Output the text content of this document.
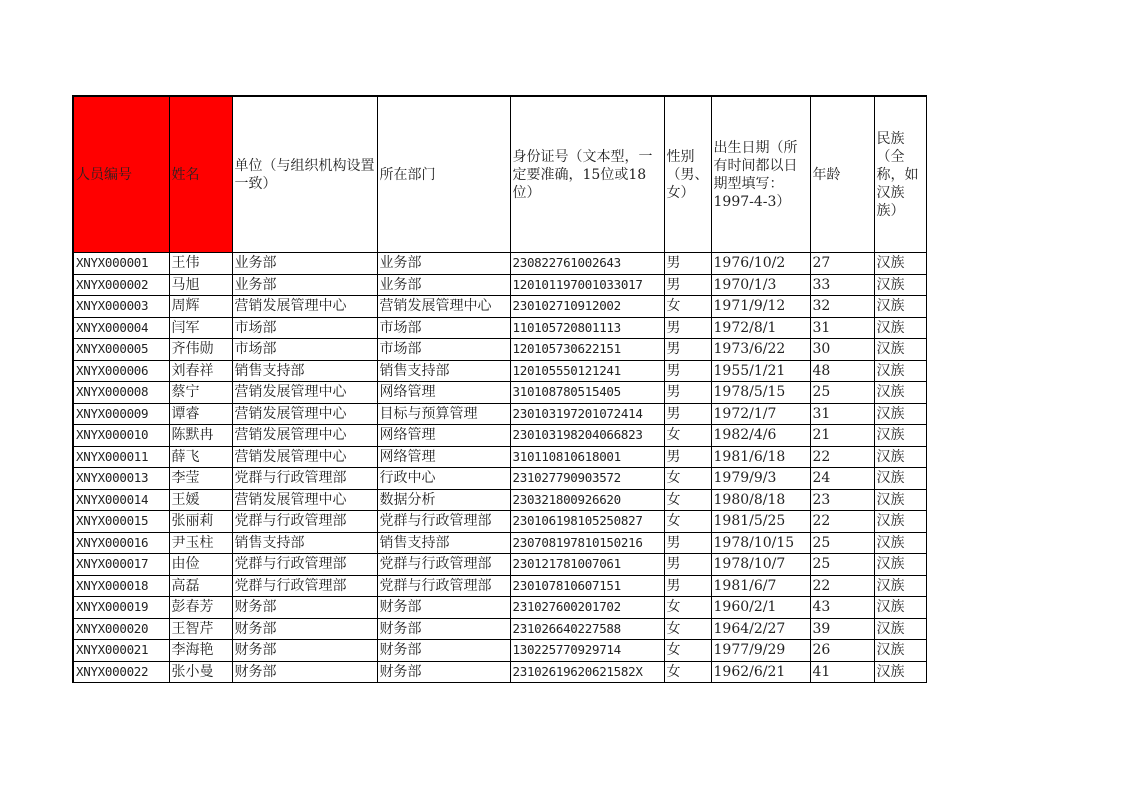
人员编号	姓名	单位（与组织机构设置一致）	所在部门	身份证号（文本型，一定要准确，15位或18位）	性别（男、女）	出生日期（所有时间都以日期型填写：1997-4-3）	年龄	民族（全称，如汉族族）
XNYX000001	王伟	业务部	业务部	230822761002643	男	1976/10/2	27	汉族
XNYX000002	马旭	业务部	业务部	120101197001033017	男	1970/1/3	33	汉族
XNYX000003	周辉	营销发展管理中心	营销发展管理中心	230102710912002	女	1971/9/12	32	汉族
XNYX000004	闫军	市场部	市场部	110105720801113	男	1972/8/1	31	汉族
XNYX000005	齐伟勋	市场部	市场部	120105730622151	男	1973/6/22	30	汉族
XNYX000006	刘春祥	销售支持部	销售支持部	120105550121241	男	1955/1/21	48	汉族
XNYX000008	蔡宁	营销发展管理中心	网络管理	310108780515405	男	1978/5/15	25	汉族
XNYX000009	谭睿	营销发展管理中心	目标与预算管理	230103197201072414	男	1972/1/7	31	汉族
XNYX000010	陈默冉	营销发展管理中心	网络管理	230103198204066823	女	1982/4/6	21	汉族
XNYX000011	薛飞	营销发展管理中心	网络管理	310110810618001	男	1981/6/18	22	汉族
XNYX000013	李莹	党群与行政管理部	行政中心	231027790903572	女	1979/9/3	24	汉族
XNYX000014	王媛	营销发展管理中心	数据分析	230321800926620	女	1980/8/18	23	汉族
XNYX000015	张丽莉	党群与行政管理部	党群与行政管理部	230106198105250827	女	1981/5/25	22	汉族
XNYX000016	尹玉柱	销售支持部	销售支持部	230708197810150216	男	1978/10/15	25	汉族
XNYX000017	由俭	党群与行政管理部	党群与行政管理部	230121781007061	男	1978/10/7	25	汉族
XNYX000018	高磊	党群与行政管理部	党群与行政管理部	230107810607151	男	1981/6/7	22	汉族
XNYX000019	彭春芳	财务部	财务部	231027600201702	女	1960/2/1	43	汉族
XNYX000020	王智芹	财务部	财务部	231026640227588	女	1964/2/27	39	汉族
XNYX000021	李海艳	财务部	财务部	130225770929714	女	1977/9/29	26	汉族
XNYX000022	张小曼	财务部	财务部	23102619620621582X	女	1962/6/21	41	汉族
